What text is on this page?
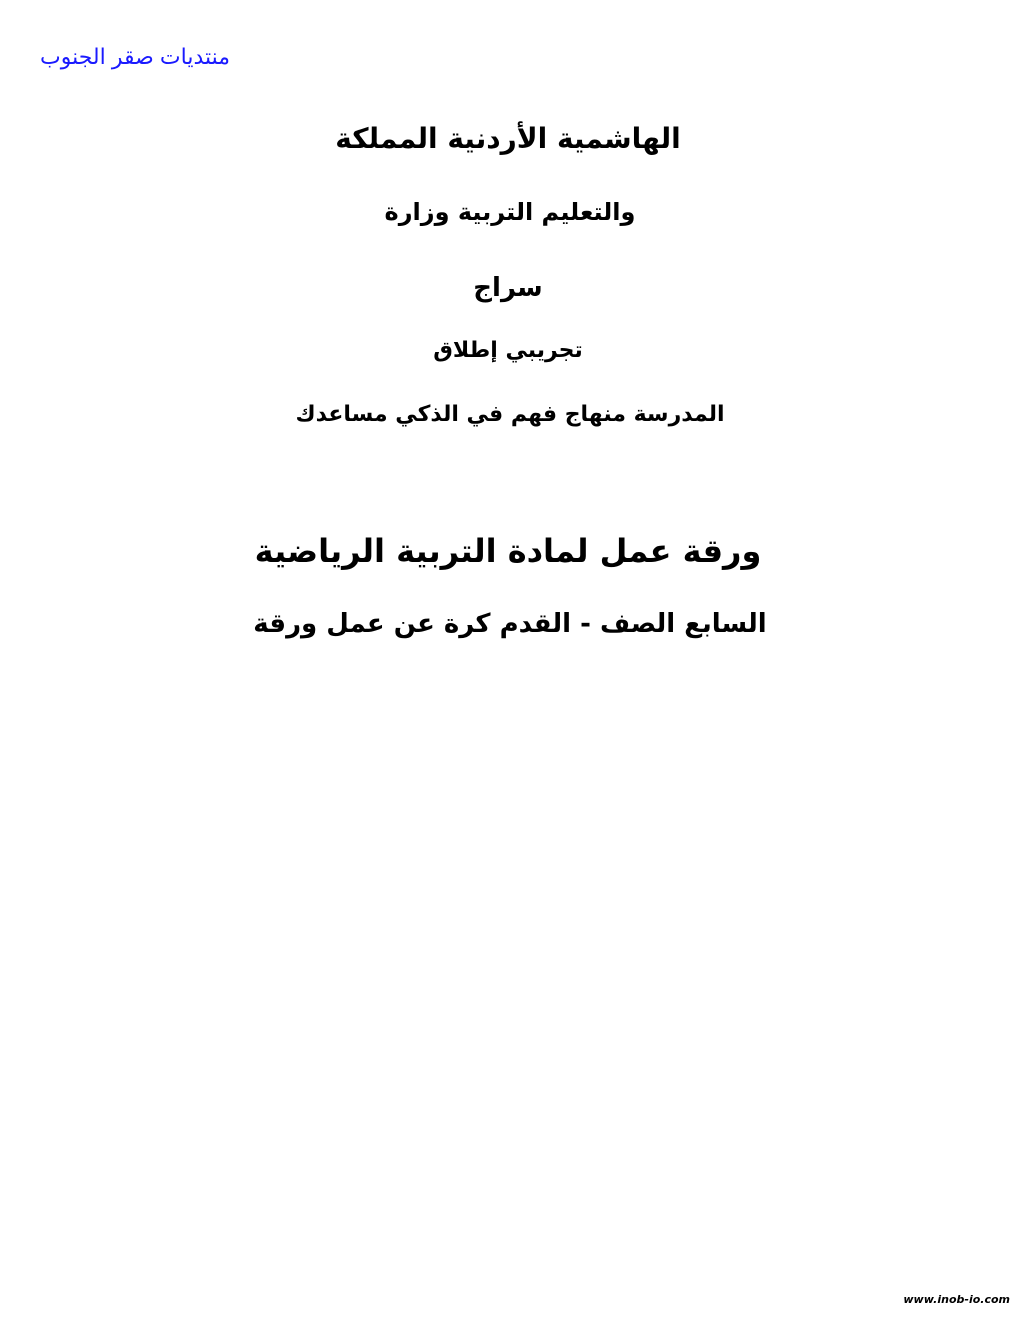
منتديات صقر الجنوب
الهاشمية الأردنية المملكة
والتعليم التربية وزارة
سراج
تجريبي إطلاق
المدرسة منهاج فهم في الذكي مساعدك
ورقة عمل لمادة التربية الرياضية
السابع الصف - القدم كرة عن عمل ورقة
www.inob-io.com
